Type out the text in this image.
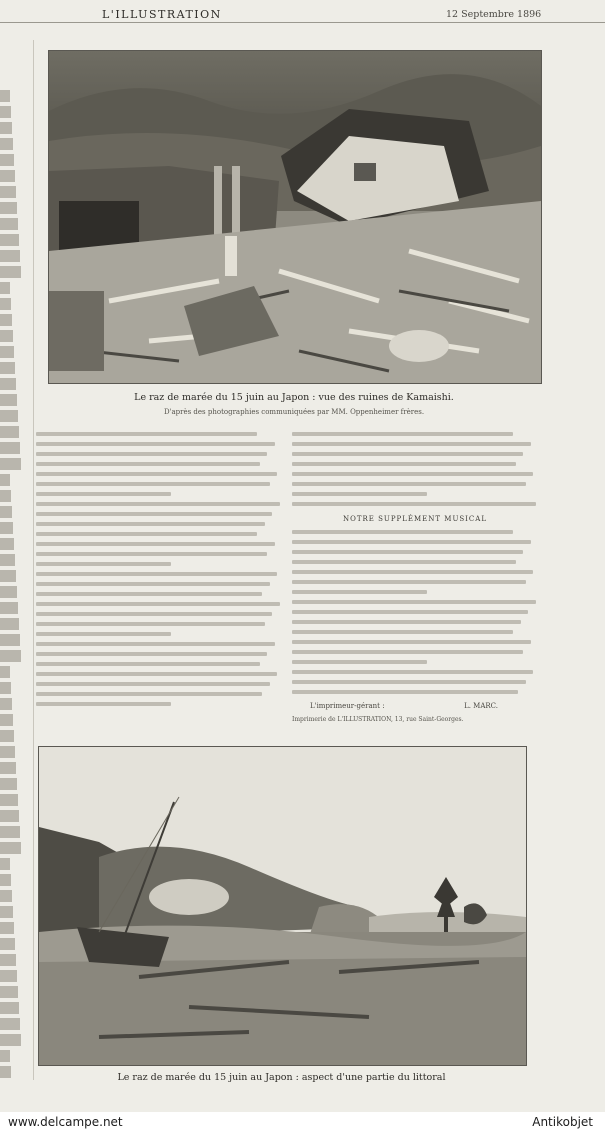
L'ILLUSTRATION	12 Septembre 1896
Le raz de marée du 15 juin au Japon : vue des ruines de Kamaishi.
D'après des photographies communiquées par MM. Oppenheimer frères.
NOTRE SUPPLÉMENT MUSICAL
L'imprimeur-gérant :	L. MARC.
Imprimerie de L'ILLUSTRATION, 13, rue Saint-Georges.
Le raz de marée du 15 juin au Japon : aspect d'une partie du littoral
www.delcampe.net	Antikobjet
